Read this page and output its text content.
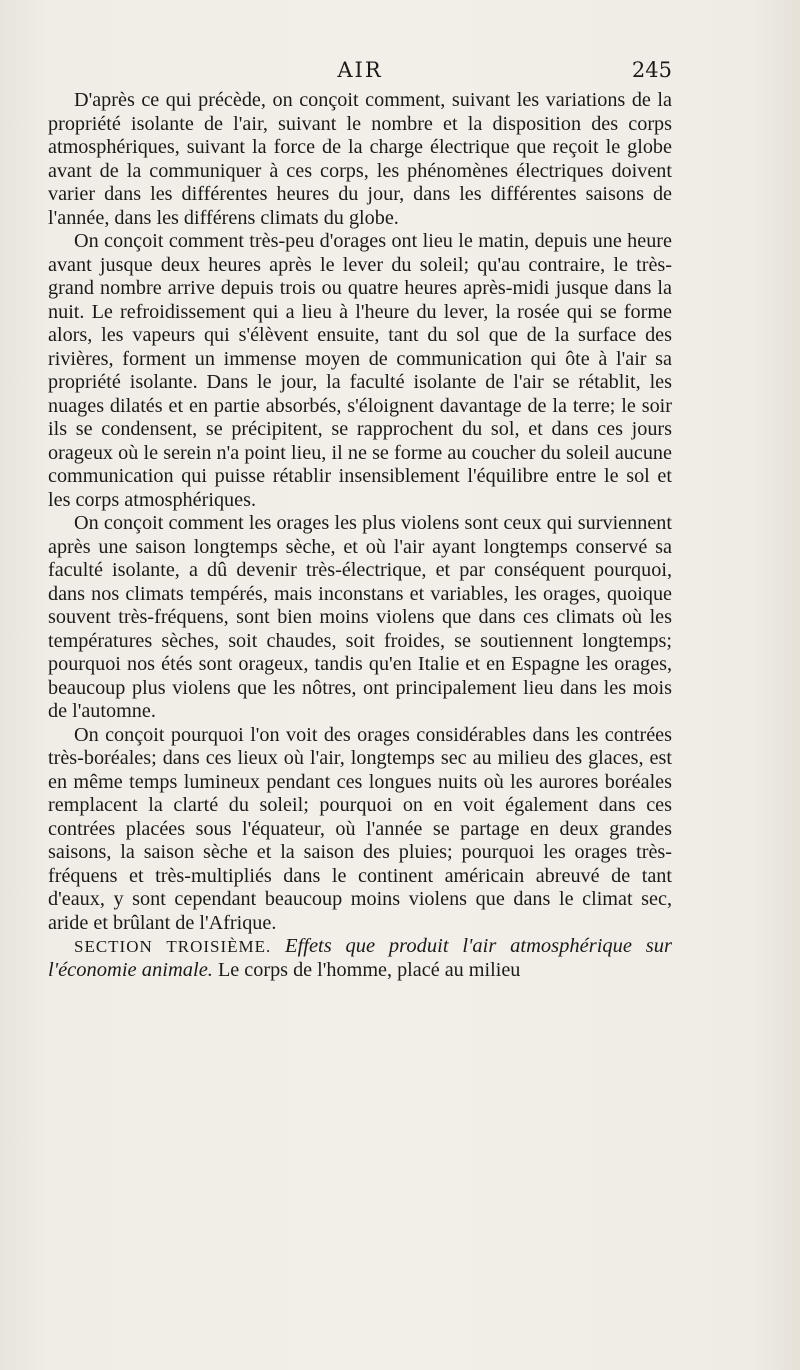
AIR	245

D'après ce qui précède, on conçoit comment, suivant les variations de la propriété isolante de l'air, suivant le nombre et la disposition des corps atmosphériques, suivant la force de la charge électrique que reçoit le globe avant de la communiquer à ces corps, les phénomènes électriques doivent varier dans les différentes heures du jour, dans les différentes saisons de l'année, dans les différens climats du globe.

On conçoit comment très-peu d'orages ont lieu le matin, depuis une heure avant jusque deux heures après le lever du soleil; qu'au contraire, le très-grand nombre arrive depuis trois ou quatre heures après-midi jusque dans la nuit. Le refroidissement qui a lieu à l'heure du lever, la rosée qui se forme alors, les vapeurs qui s'élèvent ensuite, tant du sol que de la surface des rivières, forment un immense moyen de communication qui ôte à l'air sa propriété isolante. Dans le jour, la faculté isolante de l'air se rétablit, les nuages dilatés et en partie absorbés, s'éloignent davantage de la terre; le soir ils se condensent, se précipitent, se rapprochent du sol, et dans ces jours orageux où le serein n'a point lieu, il ne se forme au coucher du soleil aucune communication qui puisse rétablir insensiblement l'équilibre entre le sol et les corps atmosphériques.

On conçoit comment les orages les plus violens sont ceux qui surviennent après une saison longtemps sèche, et où l'air ayant longtemps conservé sa faculté isolante, a dû devenir très-électrique, et par conséquent pourquoi, dans nos climats tempérés, mais inconstans et variables, les orages, quoique souvent très-fréquens, sont bien moins violens que dans ces climats où les températures sèches, soit chaudes, soit froides, se soutiennent longtemps; pourquoi nos étés sont orageux, tandis qu'en Italie et en Espagne les orages, beaucoup plus violens que les nôtres, ont principalement lieu dans les mois de l'automne.

On conçoit pourquoi l'on voit des orages considérables dans les contrées très-boréales; dans ces lieux où l'air, longtemps sec au milieu des glaces, est en même temps lumineux pendant ces longues nuits où les aurores boréales remplacent la clarté du soleil; pourquoi on en voit également dans ces contrées placées sous l'équateur, où l'année se partage en deux grandes saisons, la saison sèche et la saison des pluies; pourquoi les orages très-fréquens et très-multipliés dans le continent américain abreuvé de tant d'eaux, y sont cependant beaucoup moins violens que dans le climat sec, aride et brûlant de l'Afrique.

SECTION TROISIÈME. Effets que produit l'air atmosphérique sur l'économie animale. Le corps de l'homme, placé au milieu
